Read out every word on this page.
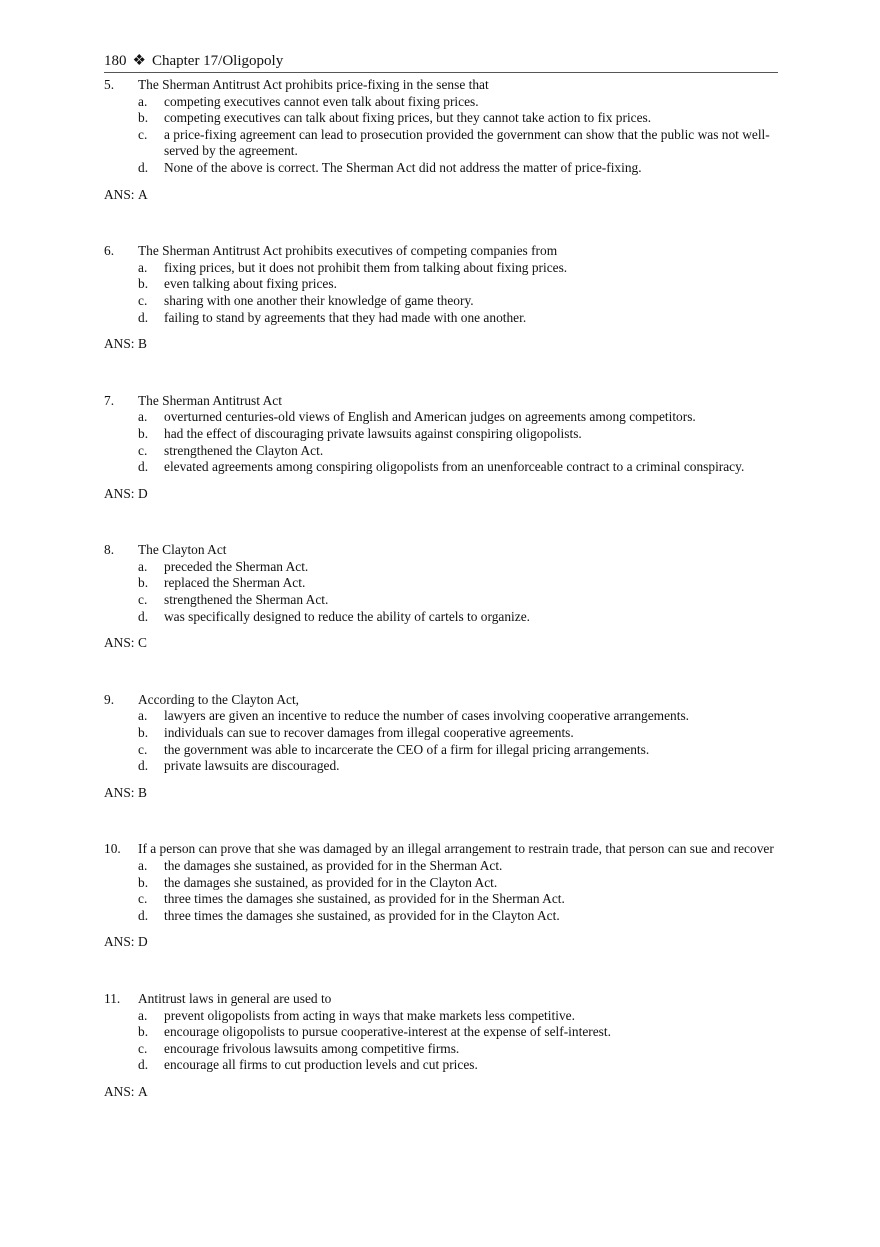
180 ❖ Chapter 17/Oligopoly
5.	The Sherman Antitrust Act prohibits price-fixing in the sense that
a.	competing executives cannot even talk about fixing prices.
b.	competing executives can talk about fixing prices, but they cannot take action to fix prices.
c.	a price-fixing agreement can lead to prosecution provided the government can show that the public was not well-served by the agreement.
d.	None of the above is correct. The Sherman Act did not address the matter of price-fixing.
ANS: A
6.	The Sherman Antitrust Act prohibits executives of competing companies from
a.	fixing prices, but it does not prohibit them from talking about fixing prices.
b.	even talking about fixing prices.
c.	sharing with one another their knowledge of game theory.
d.	failing to stand by agreements that they had made with one another.
ANS: B
7.	The Sherman Antitrust Act
a.	overturned centuries-old views of English and American judges on agreements among competitors.
b.	had the effect of discouraging private lawsuits against conspiring oligopolists.
c.	strengthened the Clayton Act.
d.	elevated agreements among conspiring oligopolists from an unenforceable contract to a criminal conspiracy.
ANS: D
8.	The Clayton Act
a.	preceded the Sherman Act.
b.	replaced the Sherman Act.
c.	strengthened the Sherman Act.
d.	was specifically designed to reduce the ability of cartels to organize.
ANS: C
9.	According to the Clayton Act,
a.	lawyers are given an incentive to reduce the number of cases involving cooperative arrangements.
b.	individuals can sue to recover damages from illegal cooperative agreements.
c.	the government was able to incarcerate the CEO of a firm for illegal pricing arrangements.
d.	private lawsuits are discouraged.
ANS: B
10.	If a person can prove that she was damaged by an illegal arrangement to restrain trade, that person can sue and recover
a.	the damages she sustained, as provided for in the Sherman Act.
b.	the damages she sustained, as provided for in the Clayton Act.
c.	three times the damages she sustained, as provided for in the Sherman Act.
d.	three times the damages she sustained, as provided for in the Clayton Act.
ANS: D
11.	Antitrust laws in general are used to
a.	prevent oligopolists from acting in ways that make markets less competitive.
b.	encourage oligopolists to pursue cooperative-interest at the expense of self-interest.
c.	encourage frivolous lawsuits among competitive firms.
d.	encourage all firms to cut production levels and cut prices.
ANS: A
